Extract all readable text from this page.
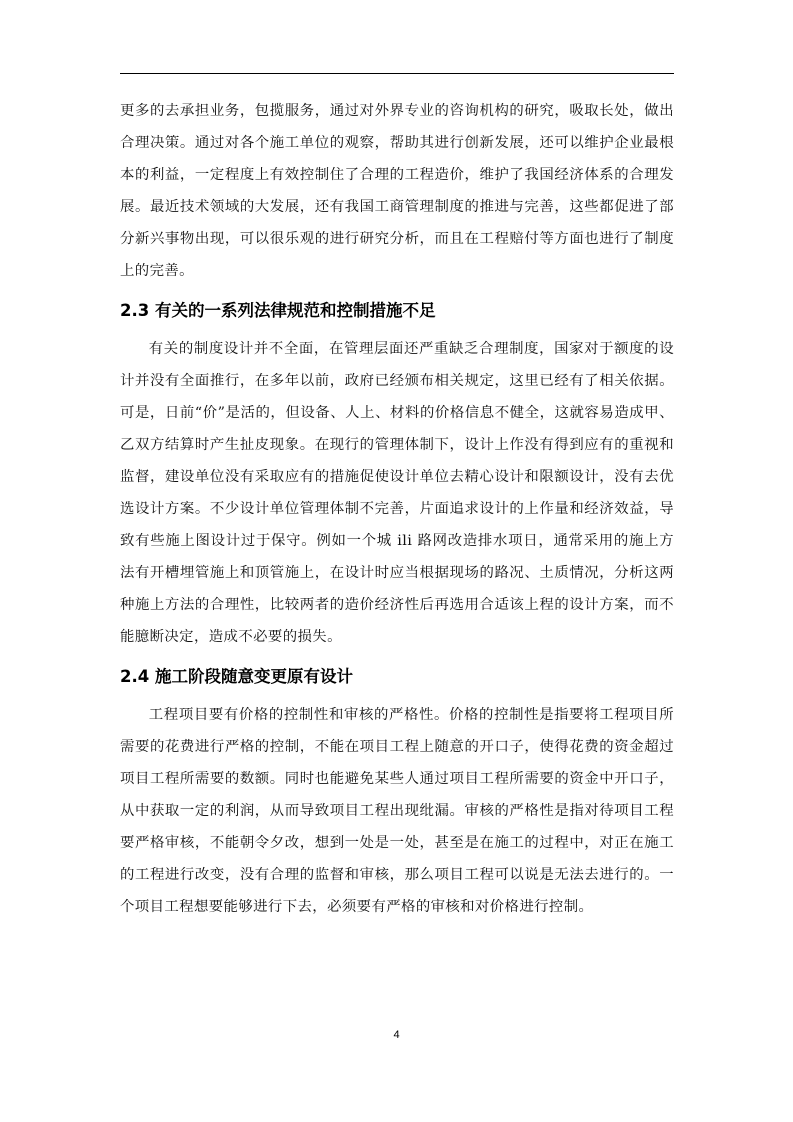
更多的去承担业务，包揽服务，通过对外界专业的咨询机构的研究，吸取长处，做出合理决策。通过对各个施工单位的观察，帮助其进行创新发展，还可以维护企业最根本的利益，一定程度上有效控制住了合理的工程造价，维护了我国经济体系的合理发展。最近技术领域的大发展，还有我国工商管理制度的推进与完善，这些都促进了部分新兴事物出现，可以很乐观的进行研究分析，而且在工程赔付等方面也进行了制度上的完善。

2.3 有关的一系列法律规范和控制措施不足

有关的制度设计并不全面，在管理层面还严重缺乏合理制度，国家对于额度的设计并没有全面推行，在多年以前，政府已经颁布相关规定，这里已经有了相关依据。可是，日前“价”是活的，但设备、人上、材料的价格信息不健全，这就容易造成甲、乙双方结算时产生扯皮现象。在现行的管理体制下，设计上作没有得到应有的重视和监督，建设单位没有采取应有的措施促使设计单位去精心设计和限额设计，没有去优选设计方案。不少设计单位管理体制不完善，片面追求设计的上作量和经济效益，导致有些施上图设计过于保守。例如一个城 ili 路网改造排水项日，通常采用的施上方法有开槽埋管施上和顶管施上，在设计时应当根据现场的路况、土质情况，分析这两种施上方法的合理性，比较两者的造价经济性后再选用合适该上程的设计方案，而不能臆断决定，造成不必要的损失。

2.4 施工阶段随意变更原有设计

工程项目要有价格的控制性和审核的严格性。价格的控制性是指要将工程项目所需要的花费进行严格的控制，不能在项目工程上随意的开口子，使得花费的资金超过项目工程所需要的数额。同时也能避免某些人通过项目工程所需要的资金中开口子，从中获取一定的利润，从而导致项目工程出现纰漏。审核的严格性是指对待项目工程要严格审核，不能朝令夕改，想到一处是一处，甚至是在施工的过程中，对正在施工的工程进行改变，没有合理的监督和审核，那么项目工程可以说是无法去进行的。一个项目工程想要能够进行下去，必须要有严格的审核和对价格进行控制。

4
